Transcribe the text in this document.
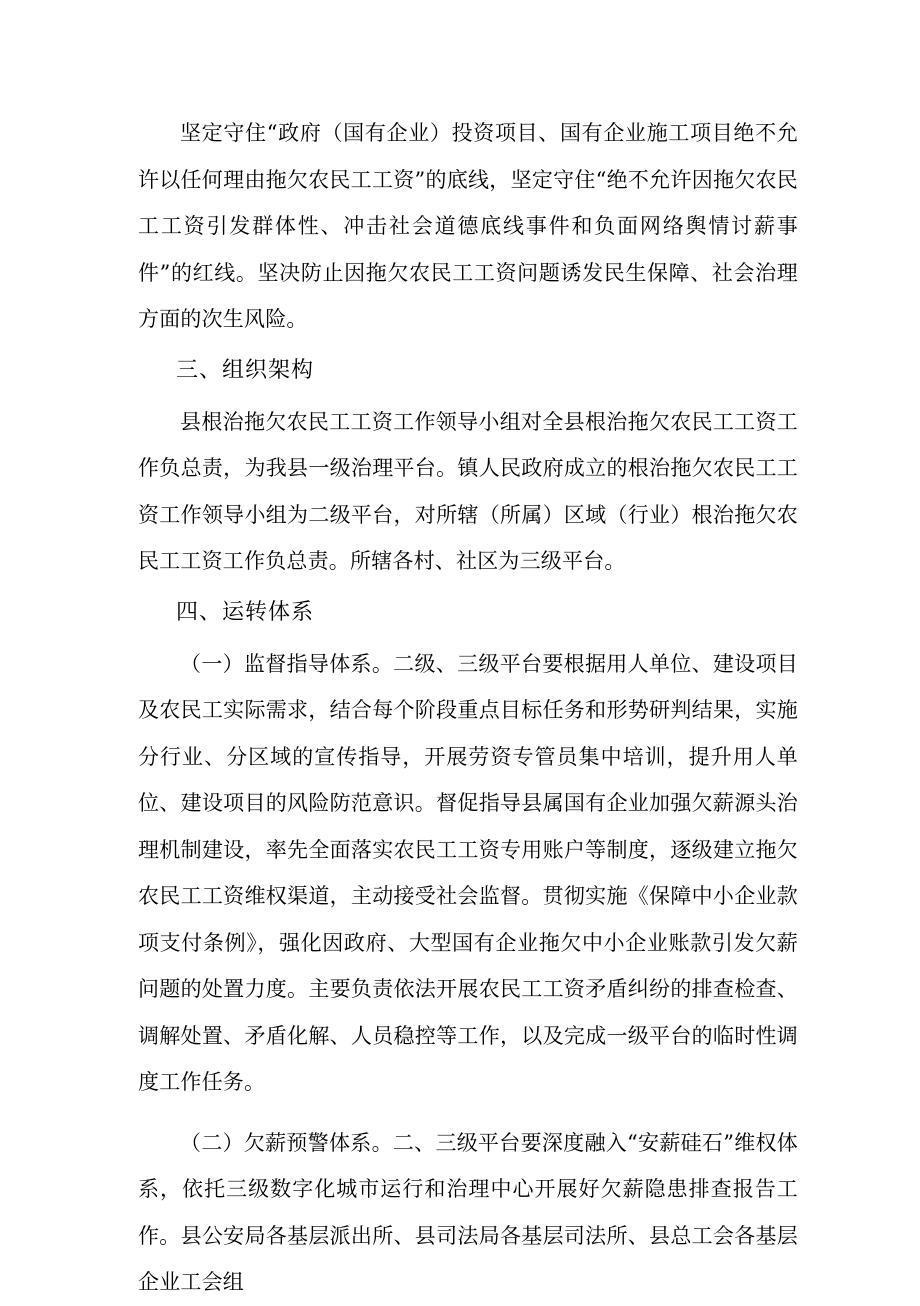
坚定守住“政府（国有企业）投资项目、国有企业施工项目绝不允许以任何理由拖欠农民工工资”的底线，坚定守住“绝不允许因拖欠农民工工资引发群体性、冲击社会道德底线事件和负面网络舆情讨薪事件”的红线。坚决防止因拖欠农民工工资问题诱发民生保障、社会治理方面的次生风险。

三、组织架构

县根治拖欠农民工工资工作领导小组对全县根治拖欠农民工工资工作负总责，为我县一级治理平台。镇人民政府成立的根治拖欠农民工工资工作领导小组为二级平台，对所辖（所属）区域（行业）根治拖欠农民工工资工作负总责。所辖各村、社区为三级平台。

四、运转体系

（一）监督指导体系。二级、三级平台要根据用人单位、建设项目及农民工实际需求，结合每个阶段重点目标任务和形势研判结果，实施分行业、分区域的宣传指导，开展劳资专管员集中培训，提升用人单位、建设项目的风险防范意识。督促指导县属国有企业加强欠薪源头治理机制建设，率先全面落实农民工工资专用账户等制度，逐级建立拖欠农民工工资维权渠道，主动接受社会监督。贯彻实施《保障中小企业款项支付条例》，强化因政府、大型国有企业拖欠中小企业账款引发欠薪问题的处置力度。主要负责依法开展农民工工资矛盾纠纷的排查检查、调解处置、矛盾化解、人员稳控等工作，以及完成一级平台的临时性调度工作任务。

（二）欠薪预警体系。二、三级平台要深度融入“安薪硅石”维权体系，依托三级数字化城市运行和治理中心开展好欠薪隐患排查报告工作。县公安局各基层派出所、县司法局各基层司法所、县总工会各基层企业工会组
